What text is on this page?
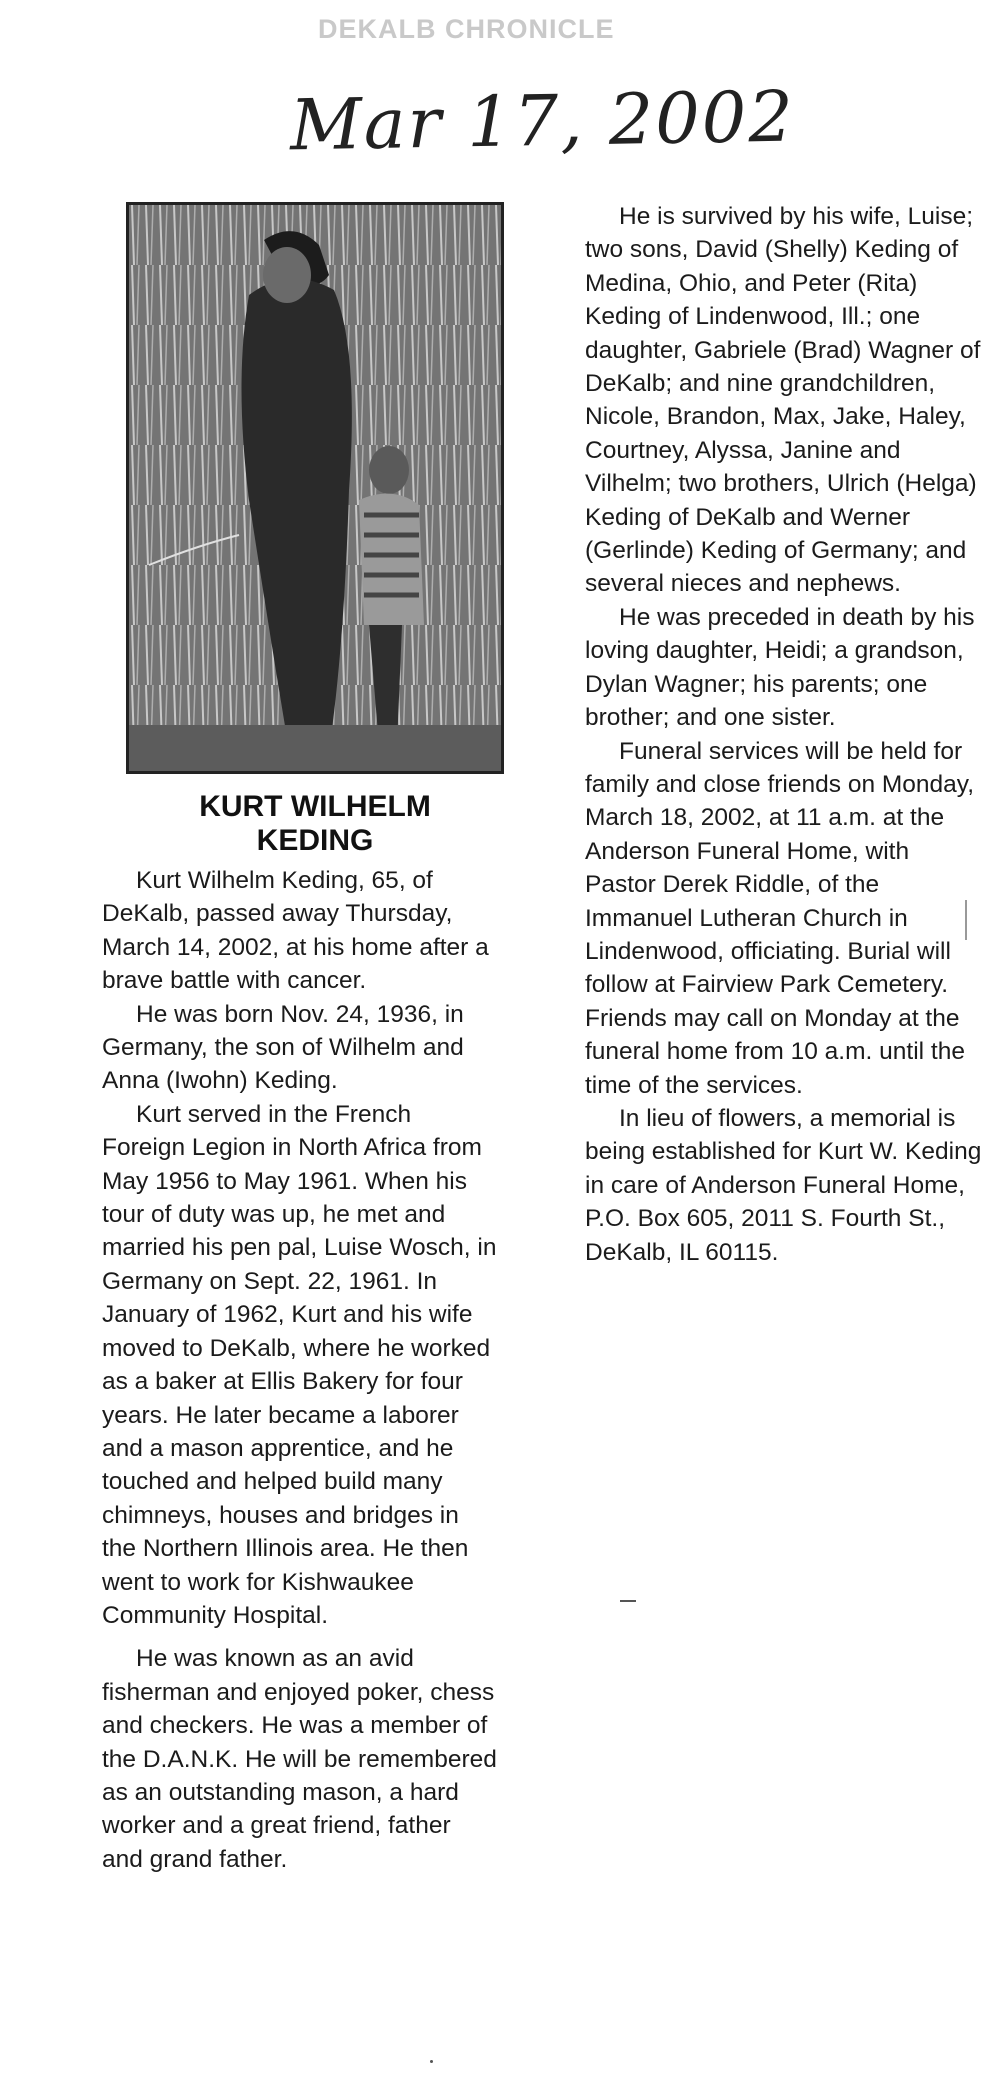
DEKALB CHRONICLE
Mar 17, 2002
KURT WILHELM
KEDING

Kurt Wilhelm Keding, 65, of DeKalb, passed away Thursday, March 14, 2002, at his home after a brave battle with cancer.

He was born Nov. 24, 1936, in Germany, the son of Wilhelm and Anna (Iwohn) Keding.

Kurt served in the French Foreign Legion in North Africa from May 1956 to May 1961. When his tour of duty was up, he met and married his pen pal, Luise Wosch, in Germany on Sept. 22, 1961. In January of 1962, Kurt and his wife moved to DeKalb, where he worked as a baker at Ellis Bakery for four years. He later became a laborer and a mason apprentice, and he touched and helped build many chimneys, houses and bridges in the Northern Illinois area. He then went to work for Kishwaukee Community Hospital.

He was known as an avid fisherman and enjoyed poker, chess and checkers. He was a member of the D.A.N.K. He will be remembered as an outstanding mason, a hard worker and a great friend, father and grand father.

He is survived by his wife, Luise; two sons, David (Shelly) Keding of Medina, Ohio, and Peter (Rita) Keding of Lindenwood, Ill.; one daughter, Gabriele (Brad) Wagner of DeKalb; and nine grandchildren, Nicole, Brandon, Max, Jake, Haley, Courtney, Alyssa, Janine and Vilhelm; two brothers, Ulrich (Helga) Keding of DeKalb and Werner (Gerlinde) Keding of Germany; and several nieces and nephews.

He was preceded in death by his loving daughter, Heidi; a grandson, Dylan Wagner; his parents; one brother; and one sister.

Funeral services will be held for family and close friends on Monday, March 18, 2002, at 11 a.m. at the Anderson Funeral Home, with Pastor Derek Riddle, of the Immanuel Lutheran Church in Lindenwood, officiating. Burial will follow at Fairview Park Cemetery. Friends may call on Monday at the funeral home from 10 a.m. until the time of the services.

In lieu of flowers, a memorial is being established for Kurt W. Keding in care of Anderson Funeral Home, P.O. Box 605, 2011 S. Fourth St., DeKalb, IL 60115.
